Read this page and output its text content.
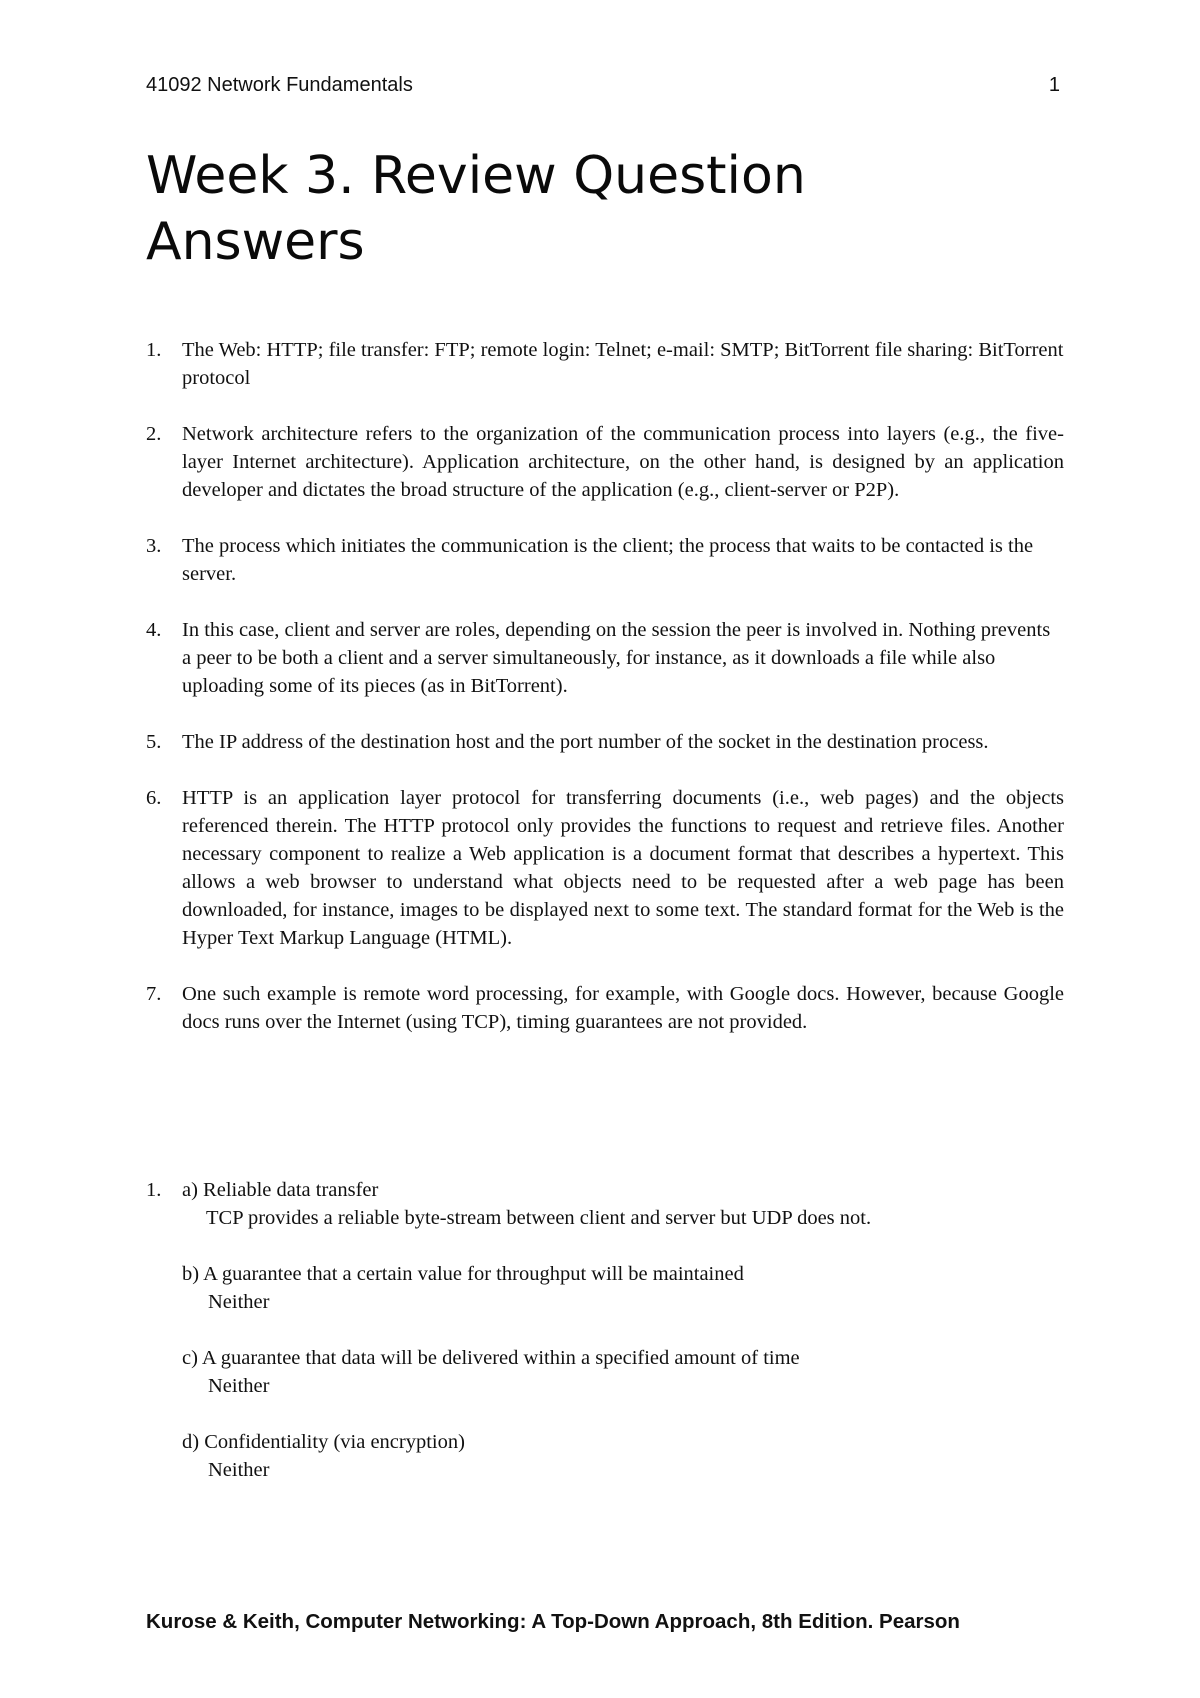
41092 Network Fundamentals	1
Week 3. Review Question Answers
1.	The Web: HTTP; file transfer: FTP; remote login: Telnet; e-mail: SMTP; BitTorrent file sharing: BitTorrent protocol
2.	Network architecture refers to the organization of the communication process into layers (e.g., the five-layer Internet architecture). Application architecture, on the other hand, is designed by an application developer and dictates the broad structure of the application (e.g., client-server or P2P).
3.	The process which initiates the communication is the client; the process that waits to be contacted is the server.
4.	In this case, client and server are roles, depending on the session the peer is involved in. Nothing prevents a peer to be both a client and a server simultaneously, for instance, as it downloads a file while also uploading some of its pieces (as in BitTorrent).
5.	The IP address of the destination host and the port number of the socket in the destination process.
6.	HTTP is an application layer protocol for transferring documents (i.e., web pages) and the objects referenced therein. The HTTP protocol only provides the functions to request and retrieve files. Another necessary component to realize a Web application is a document format that describes a hypertext. This allows a web browser to understand what objects need to be requested after a web page has been downloaded, for instance, images to be displayed next to some text. The standard format for the Web is the Hyper Text Markup Language (HTML).
7.	One such example is remote word processing, for example, with Google docs. However, because Google docs runs over the Internet (using TCP), timing guarantees are not provided.
1. a) Reliable data transfer
TCP provides a reliable byte-stream between client and server but UDP does not.
b) A guarantee that a certain value for throughput will be maintained
Neither
c) A guarantee that data will be delivered within a specified amount of time
Neither
d) Confidentiality (via encryption)
Neither
Kurose & Keith, Computer Networking: A Top-Down Approach, 8th Edition. Pearson
